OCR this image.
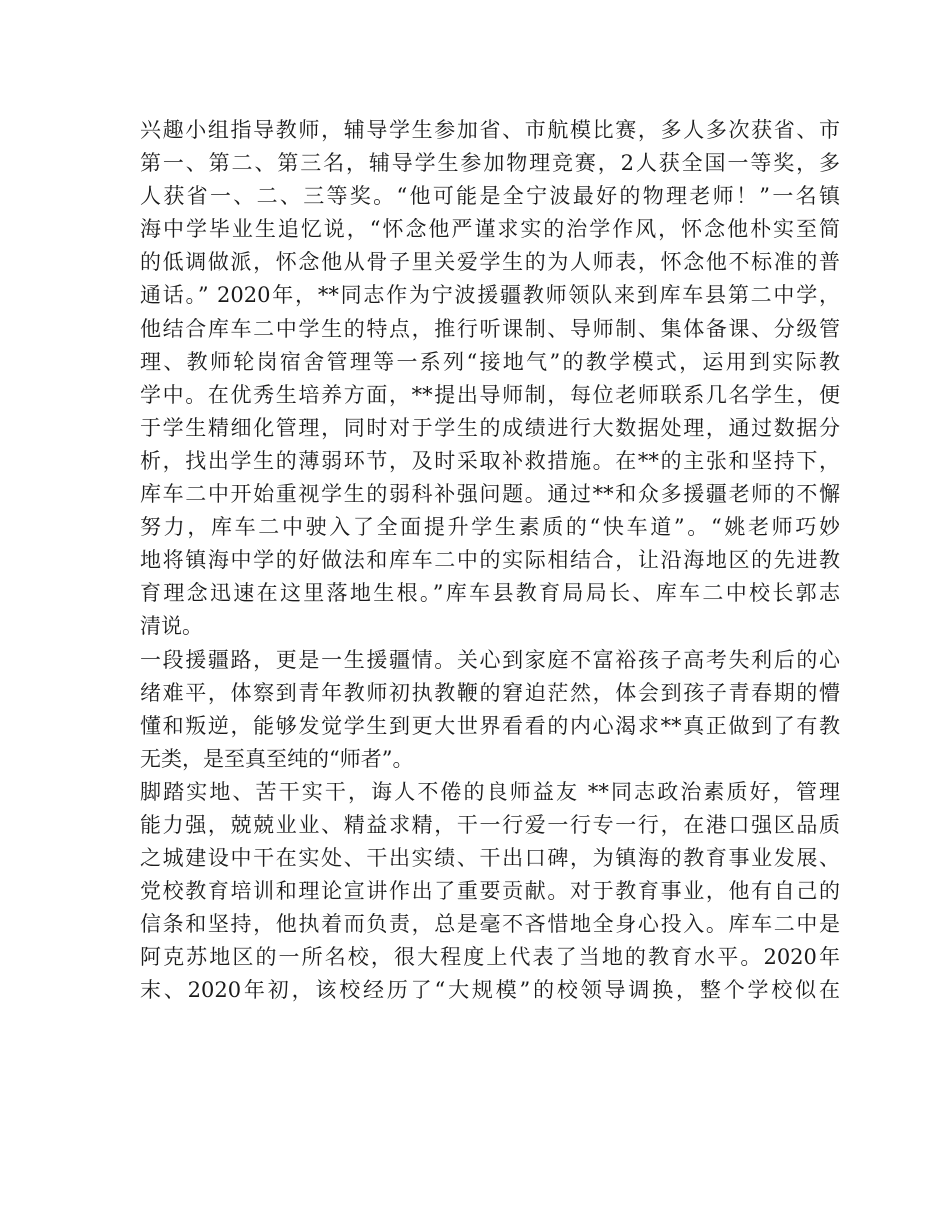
兴趣小组指导教师，辅导学生参加省、市航模比赛，多人多次获省、市
第一、第二、第三名，辅导学生参加物理竞赛，2人获全国一等奖，多
人获省一、二、三等奖。“他可能是全宁波最好的物理老师！”一名镇
海中学毕业生追忆说，“怀念他严谨求实的治学作风，怀念他朴实至简
的低调做派，怀念他从骨子里关爱学生的为人师表，怀念他不标准的普
通话。” 2020年，**同志作为宁波援疆教师领队来到库车县第二中学，
他结合库车二中学生的特点，推行听课制、导师制、集体备课、分级管
理、教师轮岗宿舍管理等一系列“接地气”的教学模式，运用到实际教
学中。在优秀生培养方面，**提出导师制，每位老师联系几名学生，便
于学生精细化管理，同时对于学生的成绩进行大数据处理，通过数据分
析，找出学生的薄弱环节，及时采取补救措施。在**的主张和坚持下，
库车二中开始重视学生的弱科补强问题。通过**和众多援疆老师的不懈
努力，库车二中驶入了全面提升学生素质的“快车道”。“姚老师巧妙
地将镇海中学的好做法和库车二中的实际相结合，让沿海地区的先进教
育理念迅速在这里落地生根。”库车县教育局局长、库车二中校长郭志
清说。
一段援疆路，更是一生援疆情。关心到家庭不富裕孩子高考失利后的心
绪难平，体察到青年教师初执教鞭的窘迫茫然，体会到孩子青春期的懵
懂和叛逆，能够发觉学生到更大世界看看的内心渴求**真正做到了有教
无类，是至真至纯的“师者”。
脚踏实地、苦干实干，诲人不倦的良师益友 **同志政治素质好，管理
能力强，兢兢业业、精益求精，干一行爱一行专一行，在港口强区品质
之城建设中干在实处、干出实绩、干出口碑，为镇海的教育事业发展、
党校教育培训和理论宣讲作出了重要贡献。对于教育事业，他有自己的
信条和坚持，他执着而负责，总是毫不吝惜地全身心投入。库车二中是
阿克苏地区的一所名校，很大程度上代表了当地的教育水平。2020年
末、2020年初，该校经历了“大规模”的校领导调换，整个学校似在
